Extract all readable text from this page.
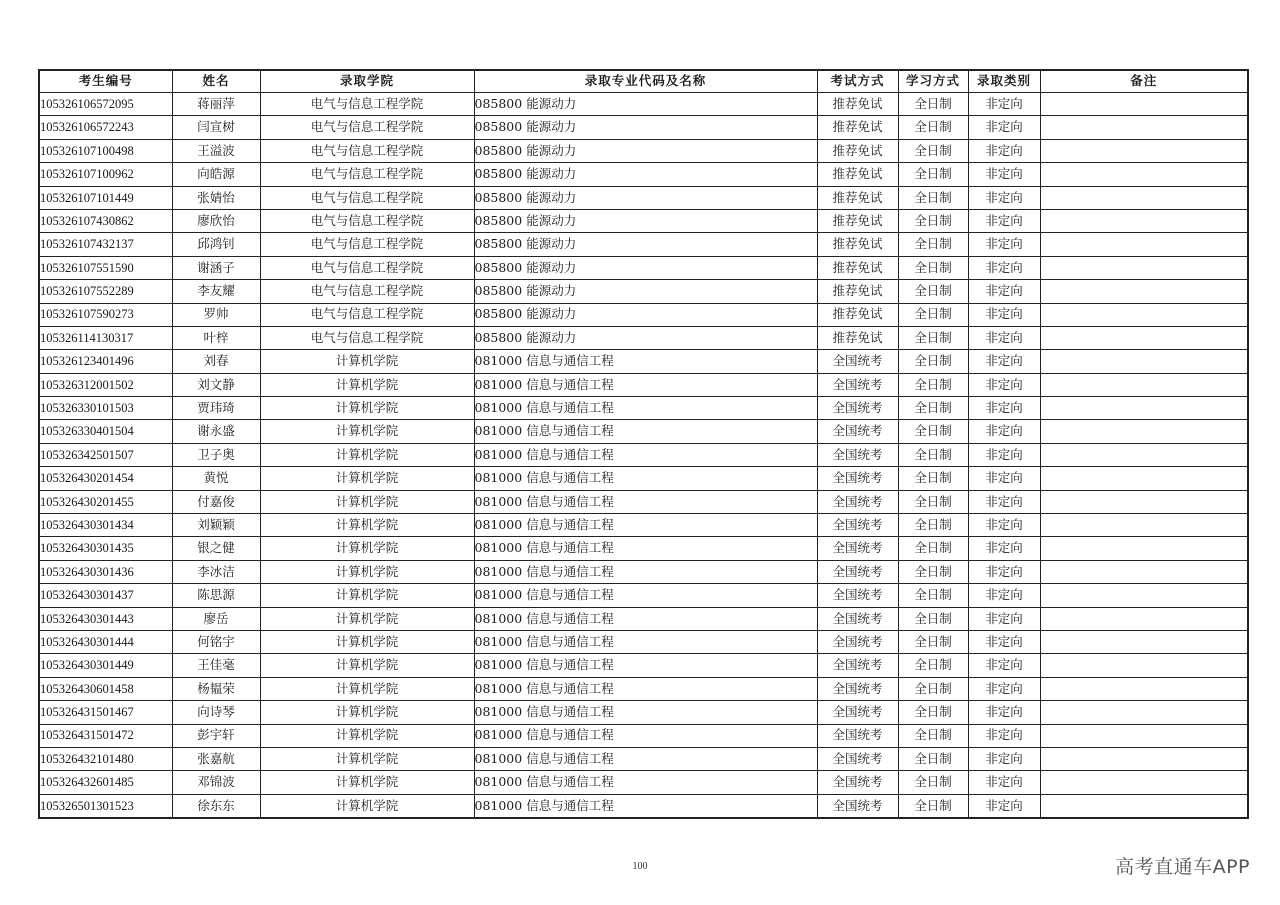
考生编号	姓名	录取学院	录取专业代码及名称	考试方式	学习方式	录取类别	备注
105326106572095	蒋丽萍	电气与信息工程学院	085800 能源动力	推荐免试	全日制	非定向	
105326106572243	闫宣树	电气与信息工程学院	085800 能源动力	推荐免试	全日制	非定向	
105326107100498	王溢波	电气与信息工程学院	085800 能源动力	推荐免试	全日制	非定向	
105326107100962	向皓源	电气与信息工程学院	085800 能源动力	推荐免试	全日制	非定向	
105326107101449	张婧怡	电气与信息工程学院	085800 能源动力	推荐免试	全日制	非定向	
105326107430862	廖欣怡	电气与信息工程学院	085800 能源动力	推荐免试	全日制	非定向	
105326107432137	邱鸿钊	电气与信息工程学院	085800 能源动力	推荐免试	全日制	非定向	
105326107551590	谢涵子	电气与信息工程学院	085800 能源动力	推荐免试	全日制	非定向	
105326107552289	李友耀	电气与信息工程学院	085800 能源动力	推荐免试	全日制	非定向	
105326107590273	罗帅	电气与信息工程学院	085800 能源动力	推荐免试	全日制	非定向	
105326114130317	叶梓	电气与信息工程学院	085800 能源动力	推荐免试	全日制	非定向	
105326123401496	刘春	计算机学院	081000 信息与通信工程	全国统考	全日制	非定向	
105326312001502	刘文静	计算机学院	081000 信息与通信工程	全国统考	全日制	非定向	
105326330101503	贾玮琦	计算机学院	081000 信息与通信工程	全国统考	全日制	非定向	
105326330401504	谢永盛	计算机学院	081000 信息与通信工程	全国统考	全日制	非定向	
105326342501507	卫子奥	计算机学院	081000 信息与通信工程	全国统考	全日制	非定向	
105326430201454	黄悦	计算机学院	081000 信息与通信工程	全国统考	全日制	非定向	
105326430201455	付嘉俊	计算机学院	081000 信息与通信工程	全国统考	全日制	非定向	
105326430301434	刘颖颖	计算机学院	081000 信息与通信工程	全国统考	全日制	非定向	
105326430301435	银之健	计算机学院	081000 信息与通信工程	全国统考	全日制	非定向	
105326430301436	李冰洁	计算机学院	081000 信息与通信工程	全国统考	全日制	非定向	
105326430301437	陈思源	计算机学院	081000 信息与通信工程	全国统考	全日制	非定向	
105326430301443	廖岳	计算机学院	081000 信息与通信工程	全国统考	全日制	非定向	
105326430301444	何铭宇	计算机学院	081000 信息与通信工程	全国统考	全日制	非定向	
105326430301449	王佳毫	计算机学院	081000 信息与通信工程	全国统考	全日制	非定向	
105326430601458	杨韫荣	计算机学院	081000 信息与通信工程	全国统考	全日制	非定向	
105326431501467	向诗琴	计算机学院	081000 信息与通信工程	全国统考	全日制	非定向	
105326431501472	彭宇轩	计算机学院	081000 信息与通信工程	全国统考	全日制	非定向	
105326432101480	张嘉航	计算机学院	081000 信息与通信工程	全国统考	全日制	非定向	
105326432601485	邓锦波	计算机学院	081000 信息与通信工程	全国统考	全日制	非定向	
105326501301523	徐东东	计算机学院	081000 信息与通信工程	全国统考	全日制	非定向	
100	高考直通车APP
